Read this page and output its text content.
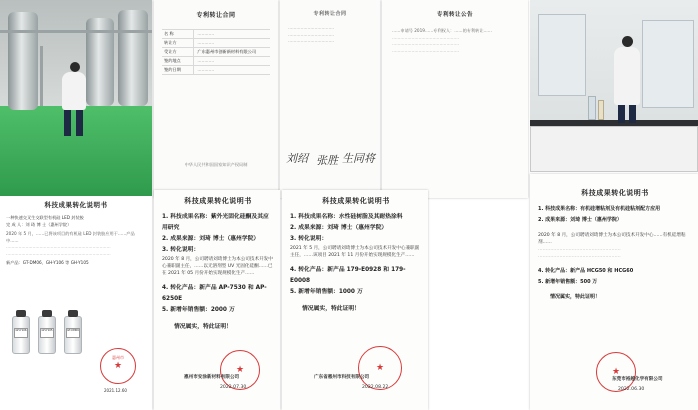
科技成果转化说明书
一种快速交叉生交联型有机硅 LED 封装胶
完 成 人：刘 琦 博 士（惠州学院）
2020 年 5 月，……已将该项目的有机硅 LED 封装胶应用于……产品中……
…………………………………………………………………
…………………………………………………………………
新产品：GT-DM06、GH-Y106 等 GH-Y105
GH-Y106	GH-Y105	GT-DM06
★
惠州市
2021.12.60
专利转让合同
名 称	…………
转让方	…………
受让方	广东惠州市创新新材料有限公司
签约地点	…………
签约日期	…………
中华人民共和国国家知识产权局制
专利转让合同
……………………………
……………………………
……………………………
刘绍 张胜 生同将
专利转让公告
……申请号 2019……专利权人：……的专利转让……
…………………………………………
…………………………………………
…………………………………………
科技成果转化说明书
1. 科技成果名称：紫外光固化硅酮及其应用研究
2. 成果来源：刘琦 博士（惠州学院）
3. 转化说明：
2020 年 8 月，公司聘请刘琦博士为本公司技术开发中心兼职副主任，……以无溶剂型 UV 光固化硅酮……已在 2021 年 05 月份开始实现规模化生产……
4. 转化产品：新产品 AP-7530 和 AP-6250E
5. 新增年销售额：2000 万
情况属实，特此证明！
★
惠州市安涂新材料有限公司
2022.07.30
科技成果转化说明书
1. 科技成果名称：水性硅树脂及其耐热涂料
2. 成果来源：刘琦 博士（惠州学院）
3. 转化说明：
2021 年 5 月，公司聘请刘琦博士为本公司技术开发中心兼职副主任，……该项目 2021 年 11 月份开始实现规模化生产……
4. 转化产品：新产品 179-E0928 和 179-E0008
5. 新增年销售额：1000 万
情况属实，特此证明！
★
广东省惠州市科技有限公司
2022.08.22
科技成果转化说明书
1. 科技成果名称：有机硅增粘剂及有机硅粘剂配方应用
2. 成果来源：刘琦 博士（惠州学院）
2020 年 8 月，公司聘请刘琦博士为本公司技术开发中心……有机硅增粘剂……
………………………………………………
………………………………………………
4. 转化产品：新产品 HCG50 和 HCG60
5. 新增年销售额：500 万
情况属实，特此证明！
★
东莞市裕越化学有限公司
2022.06.30
